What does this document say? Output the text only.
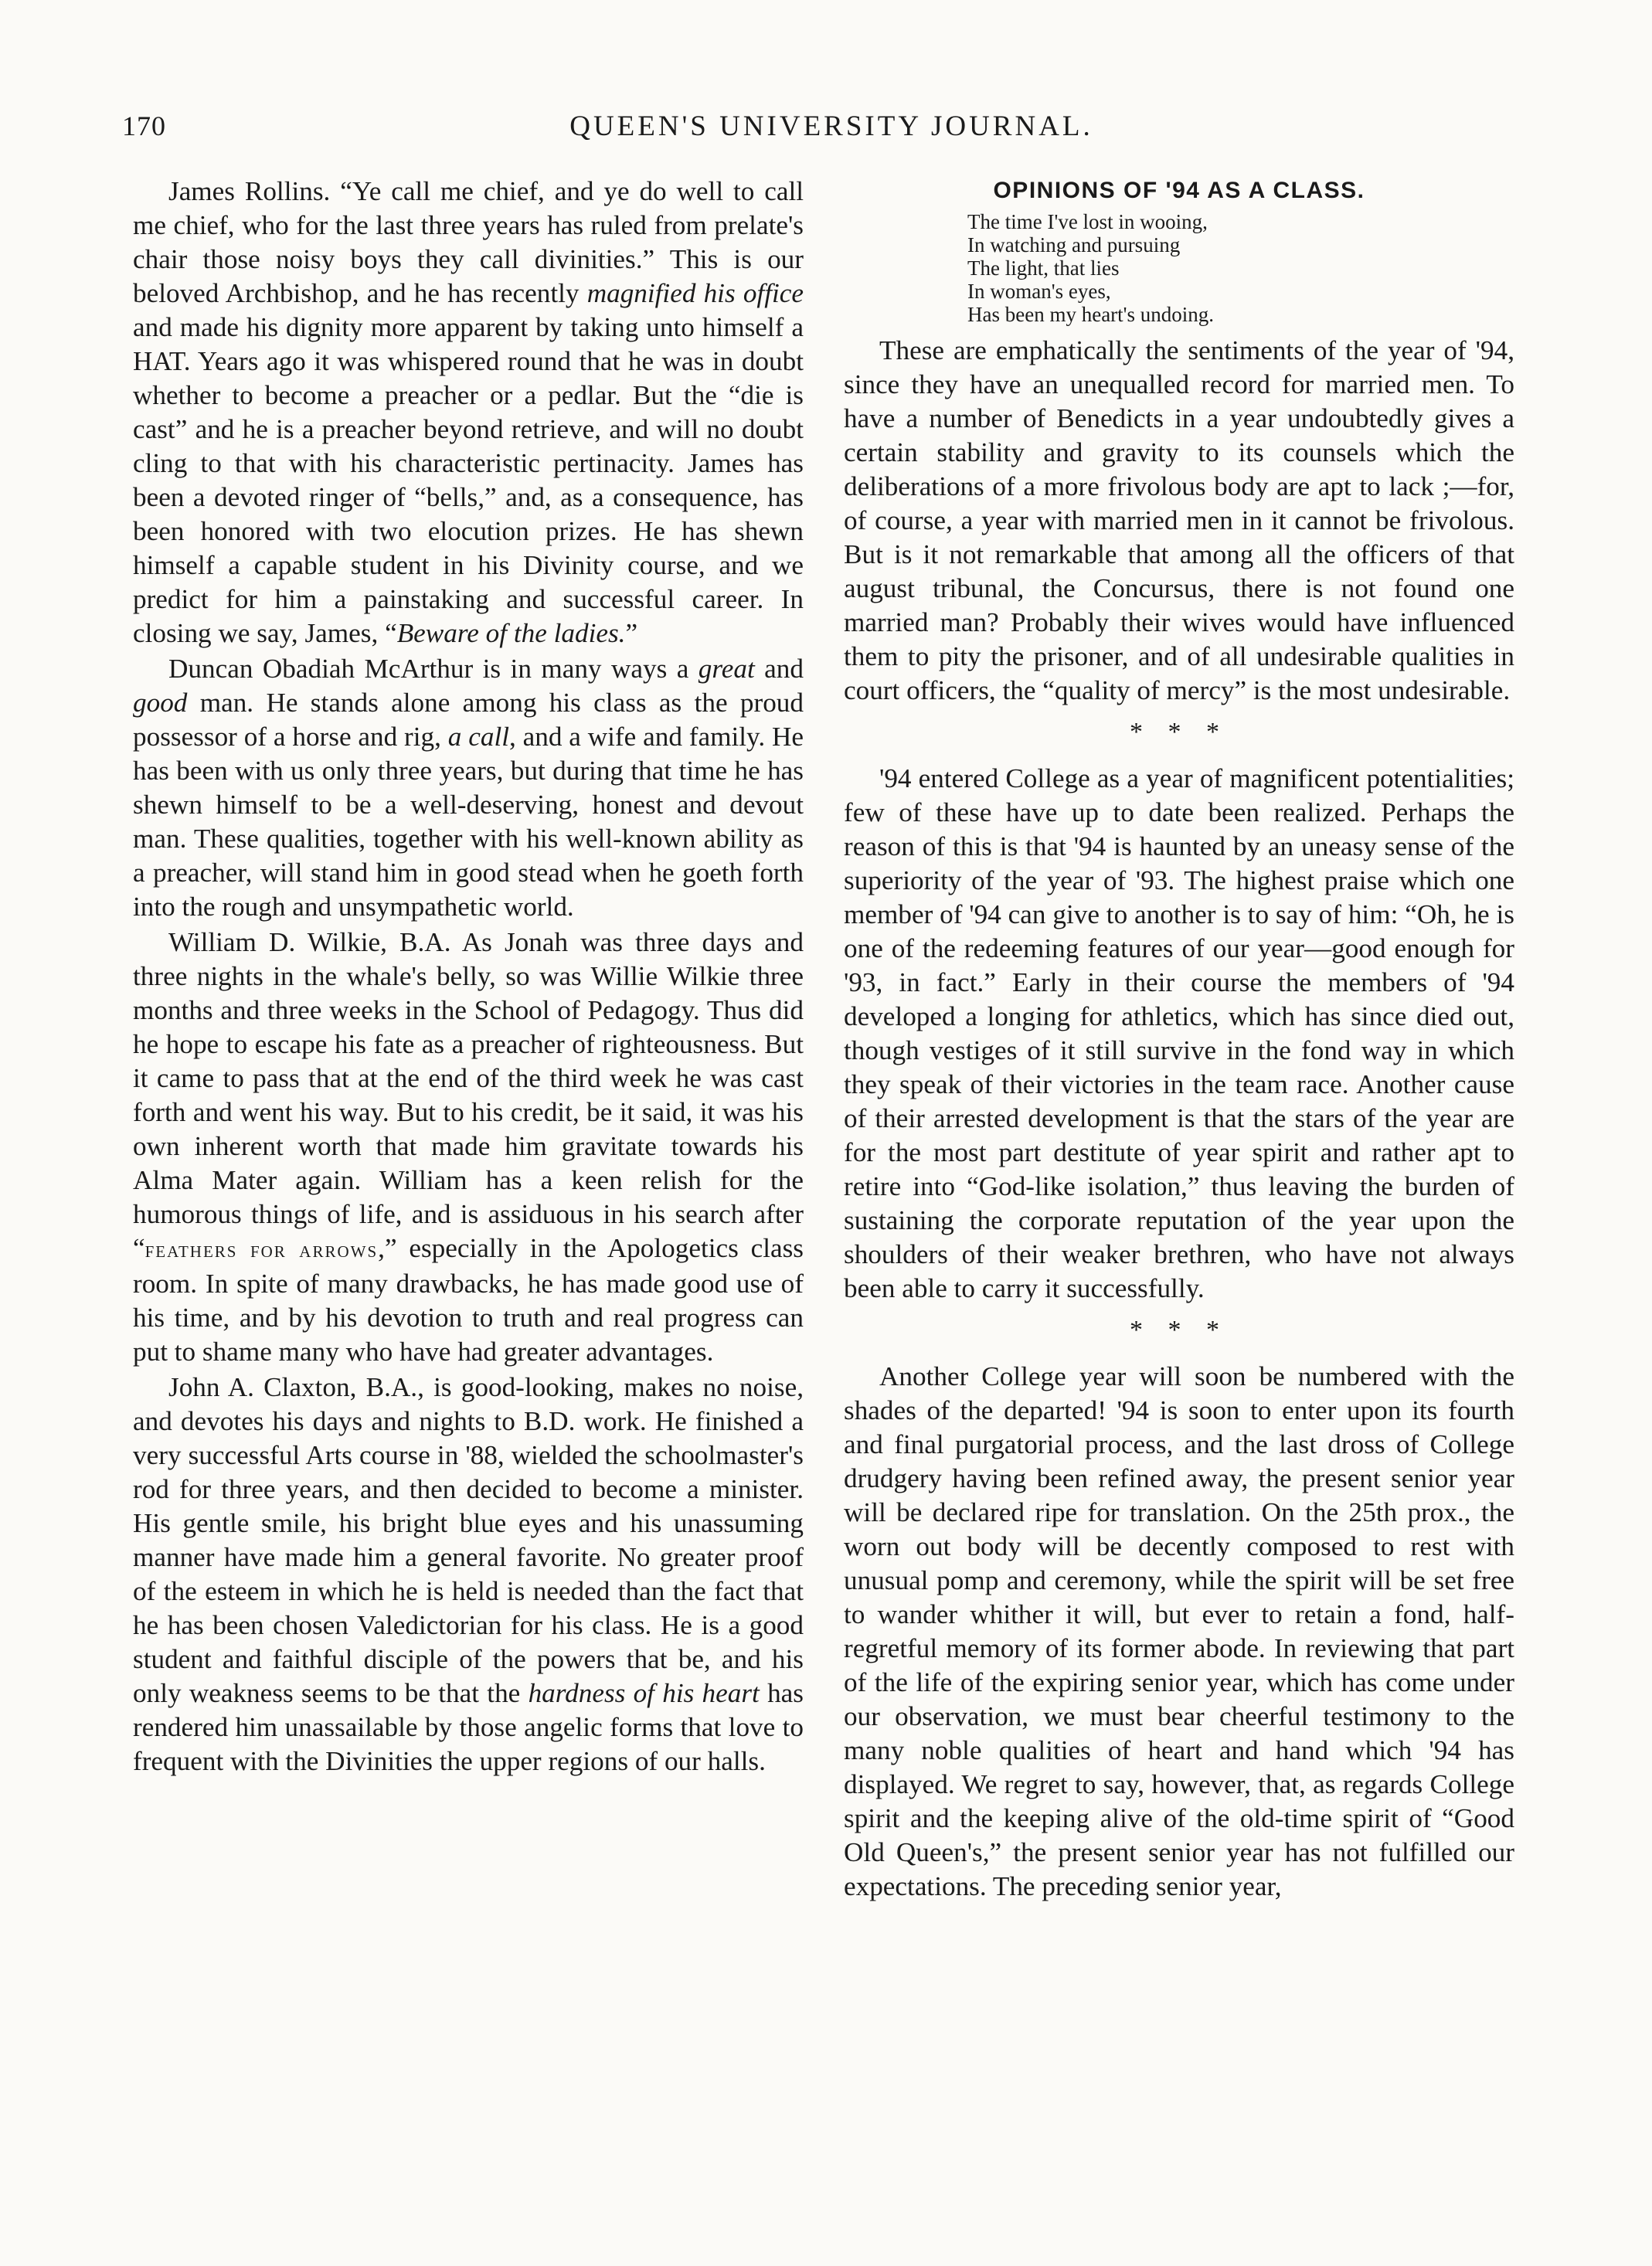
170	QUEEN'S UNIVERSITY JOURNAL.

James Rollins. “Ye call me chief, and ye do well to call me chief, who for the last three years has ruled from prelate's chair those noisy boys they call divinities.” This is our beloved Archbishop, and he has recently magnified his office and made his dignity more apparent by taking unto himself a HAT. Years ago it was whispered round that he was in doubt whether to become a preacher or a pedlar. But the “die is cast” and he is a preacher beyond retrieve, and will no doubt cling to that with his characteristic pertinacity. James has been a devoted ringer of “bells,” and, as a consequence, has been honored with two elocution prizes. He has shewn himself a capable student in his Divinity course, and we predict for him a painstaking and successful career. In closing we say, James, “Beware of the ladies.”

Duncan Obadiah McArthur is in many ways a great and good man. He stands alone among his class as the proud possessor of a horse and rig, a call, and a wife and family. He has been with us only three years, but during that time he has shewn himself to be a well-deserving, honest and devout man. These qualities, together with his well-known ability as a preacher, will stand him in good stead when he goeth forth into the rough and unsympathetic world.

William D. Wilkie, B.A. As Jonah was three days and three nights in the whale's belly, so was Willie Wilkie three months and three weeks in the School of Pedagogy. Thus did he hope to escape his fate as a preacher of righteousness. But it came to pass that at the end of the third week he was cast forth and went his way. But to his credit, be it said, it was his own inherent worth that made him gravitate towards his Alma Mater again. William has a keen relish for the humorous things of life, and is assiduous in his search after “feathers for arrows,” especially in the Apologetics class room. In spite of many drawbacks, he has made good use of his time, and by his devotion to truth and real progress can put to shame many who have had greater advantages.

John A. Claxton, B.A., is good-looking, makes no noise, and devotes his days and nights to B.D. work. He finished a very successful Arts course in '88, wielded the schoolmaster's rod for three years, and then decided to become a minister. His gentle smile, his bright blue eyes and his unassuming manner have made him a general favorite. No greater proof of the esteem in which he is held is needed than the fact that he has been chosen Valedictorian for his class. He is a good student and faithful disciple of the powers that be, and his only weakness seems to be that the hardness of his heart has rendered him unassailable by those angelic forms that love to frequent with the Divinities the upper regions of our halls.

OPINIONS OF '94 AS A CLASS.
The time I've lost in wooing,
In watching and pursuing
The light, that lies
In woman's eyes,
Has been my heart's undoing.

These are emphatically the sentiments of the year of '94, since they have an unequalled record for married men. To have a number of Benedicts in a year undoubtedly gives a certain stability and gravity to its counsels which the deliberations of a more frivolous body are apt to lack ;—for, of course, a year with married men in it cannot be frivolous. But is it not remarkable that among all the officers of that august tribunal, the Concursus, there is not found one married man? Probably their wives would have influenced them to pity the prisoner, and of all undesirable qualities in court officers, the “quality of mercy” is the most undesirable.

* * *

'94 entered College as a year of magnificent potentialities; few of these have up to date been realized. Perhaps the reason of this is that '94 is haunted by an uneasy sense of the superiority of the year of '93. The highest praise which one member of '94 can give to another is to say of him: “Oh, he is one of the redeeming features of our year—good enough for '93, in fact.” Early in their course the members of '94 developed a longing for athletics, which has since died out, though vestiges of it still survive in the fond way in which they speak of their victories in the team race. Another cause of their arrested development is that the stars of the year are for the most part destitute of year spirit and rather apt to retire into “God-like isolation,” thus leaving the burden of sustaining the corporate reputation of the year upon the shoulders of their weaker brethren, who have not always been able to carry it successfully.

* * *

Another College year will soon be numbered with the shades of the departed! '94 is soon to enter upon its fourth and final purgatorial process, and the last dross of College drudgery having been refined away, the present senior year will be declared ripe for translation. On the 25th prox., the worn out body will be decently composed to rest with unusual pomp and ceremony, while the spirit will be set free to wander whither it will, but ever to retain a fond, half-regretful memory of its former abode. In reviewing that part of the life of the expiring senior year, which has come under our observation, we must bear cheerful testimony to the many noble qualities of heart and hand which '94 has displayed. We regret to say, however, that, as regards College spirit and the keeping alive of the old-time spirit of “Good Old Queen's,” the present senior year has not fulfilled our expectations. The preceding senior year,
